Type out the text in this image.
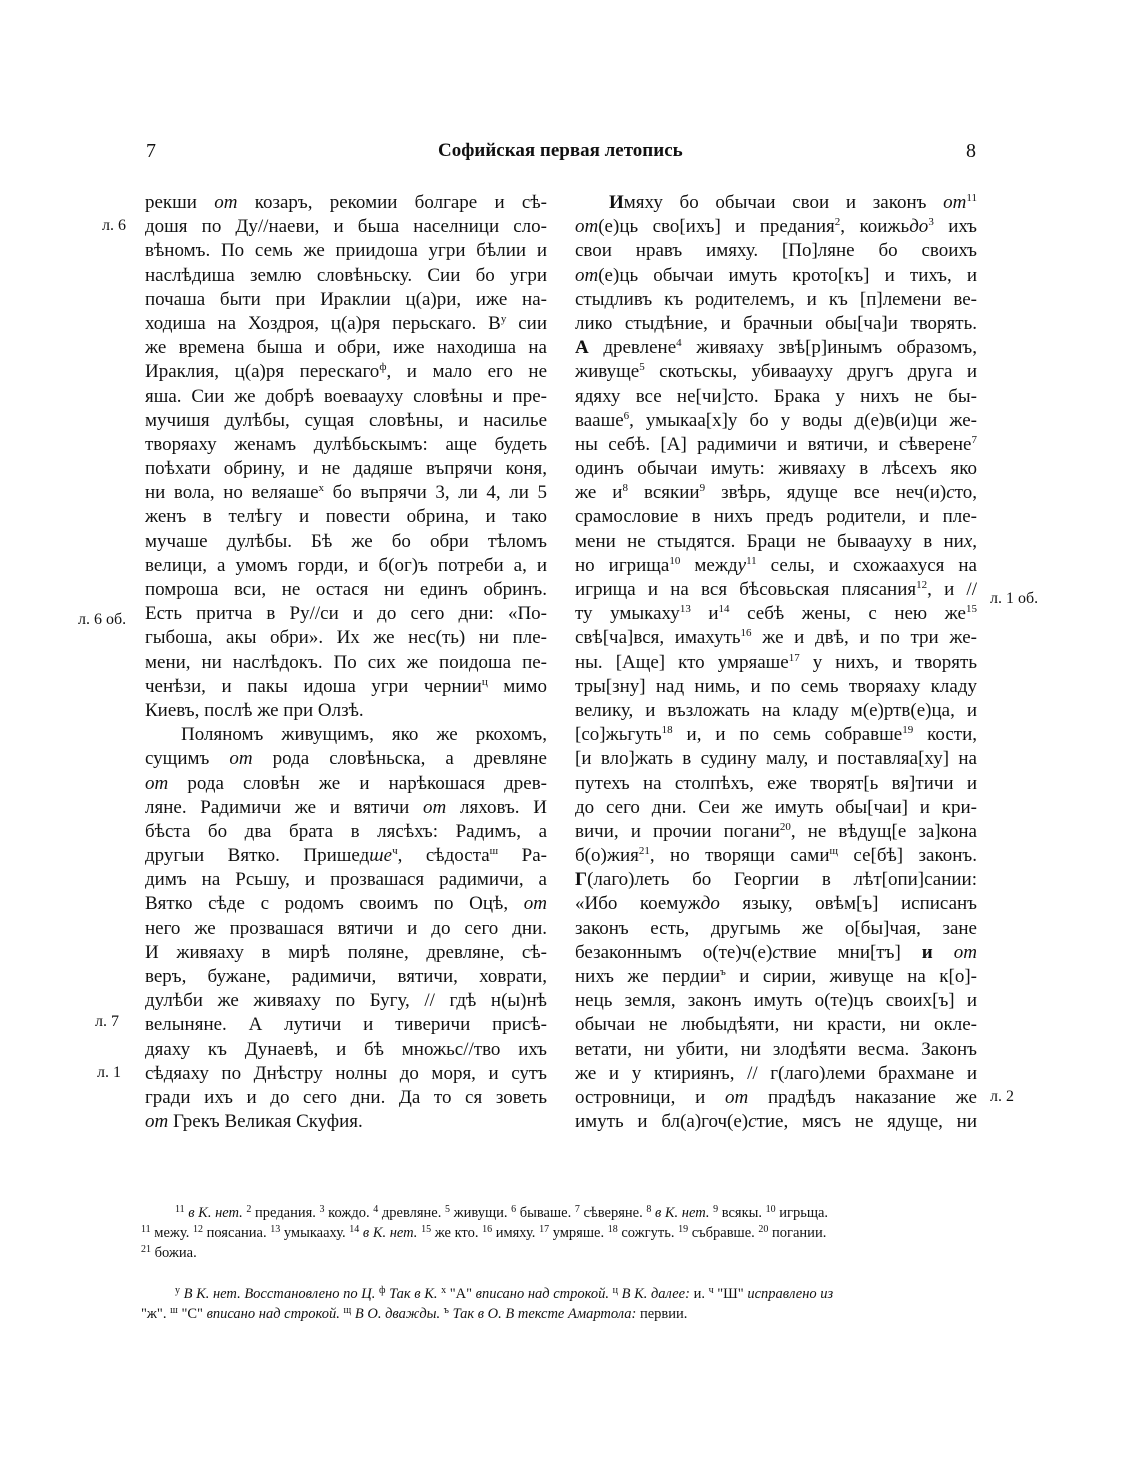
7	Софийская первая летопись	8
рекши от козаръ, рекомии болгаре и сѣ-
дошя по Ду//наеви, и бьша населници сло-
вѣномъ. По семь же приидоша угри бѣлии и
наслѣдиша землю словѣньску. Сии бо угри
почаша быти при Ираклии ц(а)ри, иже на-
ходиша на Хоздроя, ц(а)ря перьскаго. $В^у$ сии
же времена быша и обри, иже находиша на
Ираклия, ц(а)ря перескаго$^ф$, и мало его не
яша. Сии же добрѣ воеваауху словѣны и пре-
мучишя дулѣбы, сущая словѣны, и насилье
творяаху женамъ дулѣбьскымъ: аще будеть
поѣхати обрину, и не дадяше въпрячи коня,
ни вола, но веляаше$^х$ бо въпрячи 3, ли 4, ли 5
женъ в телѣгу и повести обрина, и тако
мучаше дулѣбы. Бѣ же бо обри тѣломъ
велици, а умомъ горди, и б(ог)ъ потреби а, и
помроша вси, не остася ни единъ обринъ.
Есть притча в Ру//си и до сего дни: «По-
гыбоша, акы обри». Их же нес(ть) ни пле-
мени, ни наслѣдокъ. По сих же поидоша пе-
ченѣзи, и пакы идоша угри чернии$^ц$ мимо
Киевъ, послѣ же при Олзѣ.
Поляномъ живущимъ, яко же ркохомъ,
сущимъ от рода словѣньска, а древляне
от рода словѣн же и нарѣкошася древ-
ляне. Радимичи же и вятичи от ляховъ. И
бѣста бо два брата в лясѣхъ: Радимъ, а
другыи Вятко. Пришедше$^ч$, сѣдоста$^ш$ Ра-
димъ на Рсьшу, и прозвашася радимичи, а
Вятко сѣде с родомъ своимъ по Оцѣ, от
него же прозвашася вятичи и до сего дни.
И живяаху в мирѣ поляне, древляне, сѣ-
веръ, бужане, радимичи, вятичи, ховрати,
дулѣби же живяаху по Бугу, // гдѣ н(ы)нѣ
велыняне. А лутичи и тиверичи присѣ-
дяаху къ Дунаевѣ, и бѣ множьс//тво ихъ
сѣдяаху по Днѣстру нолны до моря, и сутъ
гради ихъ и до сего дни. Да то ся зоветь
от Грекъ Великая Скуфия.
Имяху бо обычаи свои и законъ $от^{11}$
от(е)ць сво[ихъ] и предания$^2$, коижьдо$^3$ ихъ
свои нравъ имяху. [По]ляне бо своихъ
от(е)ць обычаи имуть крото[къ] и тихъ, и
стыдливъ къ родителемъ, и къ [п]лемени ве-
лико стыдѣние, и брачныи обы[ча]и творять.
А древлене$^4$ живяаху звѣ[р]инымъ образомъ,
живуще$^5$ скотьскы, убиваауху другъ друга и
ядяху все не[чи]сто. Брака у нихъ не бы-
вааше$^6$, умыкаа[х]у бо у воды д(е)в(и)ци же-
ны себѣ. [А] радимичи и вятичи, и сѣверене$^7$
одинъ обычаи имуть: живяаху в лѣсехъ яко
же $и^8$ всякии$^9$ звѣрь, ядуще все неч(и)сто,
срамословие в нихъ предъ родители, и пле-
мени не стыдятся. Браци не бываауху в них,
но игрища$^{10}$ между$^{11}$ селы, и схожаахуся на
игрища и на вся бѣсовьская плясания$^{12}$, и //
ту умыкаху$^{13}$ $и^{14}$ себѣ жены, с нею $же^{15}$
свѣ[ча]вся, имахуть$^{16}$ же и двѣ, и по три же-
ны. [Аще] кто умряаше$^{17}$ у нихъ, и творять
тры[зну] над нимь, и по семь творяаху кладу
велику, и възложать на кладу м(е)ртв(е)ца, и
[со]жьгуть$^{18}$ и, и по семь собравше$^{19}$ кости,
[и вло]жать в судину малу, и поставляа[ху] на
путехъ на столпѣхъ, еже творят[ь вя]тичи и
до сего дни. Сеи же имуть обы[чаи] и кри-
вичи, и прочии погани$^{20}$, не вѣдущ[е за]кона
б(о)жия$^{21}$, но творящи сами$^щ$ се[бѣ] законъ.
Г(лаго)леть бо Георгии в лѣт[опи]сании:
«Ибо коемуждо языку, овѣм[ъ] исписанъ
законъ есть, другымь же о[бы]чая, зане
безаконнымъ о(те)ч(е)ствие мни[тъ] и от
нихъ же пердии$^ъ$ и сирии, живуще на к[о]-
нець земля, законъ имуть о(те)цъ своих[ъ] и
обычаи не любыдѣяти, ни красти, ни окле-
ветати, ни убити, ни злодѣяти весма. Законъ
же и у ктириянъ, // г(лаго)леми брахмане и
островници, и от прадѣдъ наказание же
имуть и бл(а)гоч(е)стие, мясъ не ядуще, ни
л. 6
л. 6 об.
л. 7
л. 1
л. 1 об.
л. 2
$^{11}$ в К. нет. $^2$ предания. $^3$ кождо. $^4$ древляне. $^5$ живущи. $^6$ бываше. $^7$ сѣверяне. $^8$ в К. нет. $^9$ всякы. $^{10}$ игрьща.
$^{11}$ межу. $^{12}$ поясаниа. $^{13}$ умыкааху. $^{14}$ в К. нет. $^{15}$ же кто. $^{16}$ имяху. $^{17}$ умряше. $^{18}$ сожгуть. $^{19}$ събравше. $^{20}$ погании.
$^{21}$ божиа.
$^у$ В К. нет. Восстановлено по Ц. $^ф$ Так в К. $^х$ "А" вписано над строкой. $^ц$ В К. далее: и. $^ч$ "Ш" исправлено из
"ж". $^ш$ "С" вписано над строкой. $^щ$ В О. дважды. $^ъ$ Так в О. В тексте Амартола: первии.
